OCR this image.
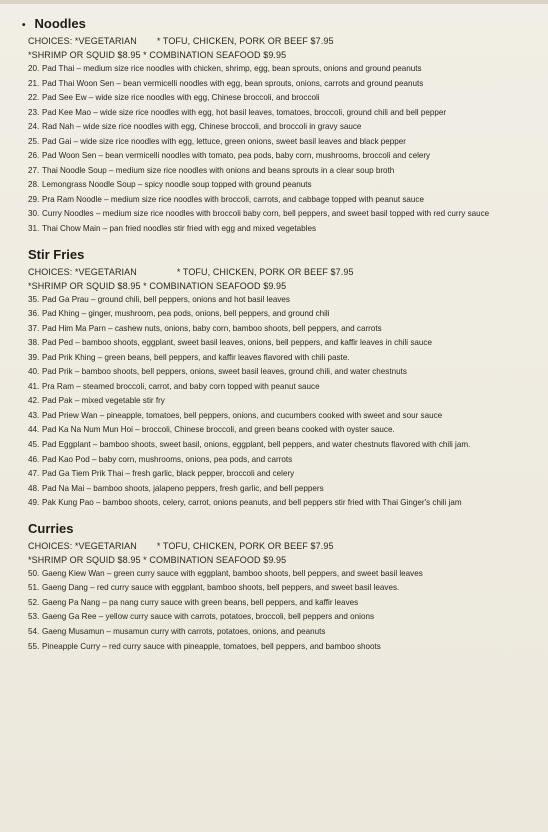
• Noodles
CHOICES: *VEGETARIAN * TOFU, CHICKEN, PORK OR BEEF $7.95
*SHRIMP OR SQUID $8.95 * COMBINATION SEAFOOD $9.95
20. Pad Thai – medium size rice noodles with chicken, shrimp, egg, bean sprouts, onions and ground peanuts
21. Pad Thai Woon Sen – bean vermicelli noodles with egg, bean sprouts, onions, carrots and ground peanuts
22. Pad See Ew – wide size rice noodles with egg, Chinese broccoli, and broccoli
23. Pad Kee Mao – wide size rice noodles with egg, hot basil leaves, tomatoes, broccoli, ground chili and bell pepper
24. Rad Nah – wide size rice noodles with egg, Chinese broccoli, and broccoli in gravy sauce
25. Pad Gai – wide size rice noodles with egg, lettuce, green onions, sweet basil leaves and black pepper
26. Pad Woon Sen – bean vermicelli noodles with tomato, pea pods, baby corn, mushrooms, broccoli and celery
27. Thai Noodle Soup – medium size rice noodles with onions and beans sprouts in a clear soup broth
28. Lemongrass Noodle Soup – spicy noodle soup topped with ground peanuts
29. Pra Ram Noodle – medium size rice noodles with broccoli, carrots, and cabbage topped with peanut sauce
30. Curry Noodles – medium size rice noodles with broccoli baby corn, bell peppers, and sweet basil topped with red curry sauce
31. Thai Chow Main – pan fried noodles stir fried with egg and mixed vegetables
Stir Fries
CHOICES: *VEGETARIAN	* TOFU, CHICKEN, PORK OR BEEF $7.95
*SHRIMP OR SQUID $8.95 * COMBINATION SEAFOOD $9.95
35. Pad Ga Prau – ground chili, bell peppers, onions and hot basil leaves
36. Pad Khing – ginger, mushroom, pea pods, onions, bell peppers, and ground chili
37. Pad Him Ma Parn – cashew nuts, onions, baby corn, bamboo shoots, bell peppers, and carrots
38. Pad Ped – bamboo shoots, eggplant, sweet basil leaves, onions, bell peppers, and kaffir leaves in chili sauce
39. Pad Prik Khing – green beans, bell peppers, and kaffir leaves flavored with chili paste.
40. Pad Prik – bamboo shoots, bell peppers, onions, sweet basil leaves, ground chili, and water chestnuts
41. Pra Ram – steamed broccoli, carrot, and baby corn topped with peanut sauce
42. Pad Pak – mixed vegetable stir fry
43. Pad Priew Wan – pineapple, tomatoes, bell peppers, onions, and cucumbers cooked with sweet and sour sauce
44. Pad Ka Na Num Mun Hoi – broccoli, Chinese broccoli, and green beans cooked with oyster sauce.
45. Pad Eggplant – bamboo shoots, sweet basil, onions, eggplant, bell peppers, and water chestnuts flavored with chili jam.
46. Pad Kao Pod – baby corn, mushrooms, onions, pea pods, and carrots
47. Pad Ga Tiem Prik Thai – fresh garlic, black pepper, broccoli and celery
48. Pad Na Mai – bamboo shoots, jalapeno peppers, fresh garlic, and bell peppers
49. Pak Kung Pao – bamboo shoots, celery, carrot, onions peanuts, and bell peppers stir fried with Thai Ginger's chili jam
Curries
CHOICES: *VEGETARIAN * TOFU, CHICKEN, PORK OR BEEF $7.95
*SHRIMP OR SQUID $8.95 * COMBINATION SEAFOOD $9.95
50. Gaeng Kiew Wan – green curry sauce with eggplant, bamboo shoots, bell peppers, and sweet basil leaves
51. Gaeng Dang – red curry sauce with eggplant, bamboo shoots, bell peppers, and sweet basil leaves.
52. Gaeng Pa Nang – pa nang curry sauce with green beans, bell peppers, and kaffir leaves
53. Gaeng Ga Ree – yellow curry sauce with carrots, potatoes, broccoli, bell peppers and onions
54. Gaeng Musamun – musamun curry with carrots, potatoes, onions, and peanuts
55. Pineapple Curry – red curry sauce with pineapple, tomatoes, bell peppers, and bamboo shoots
